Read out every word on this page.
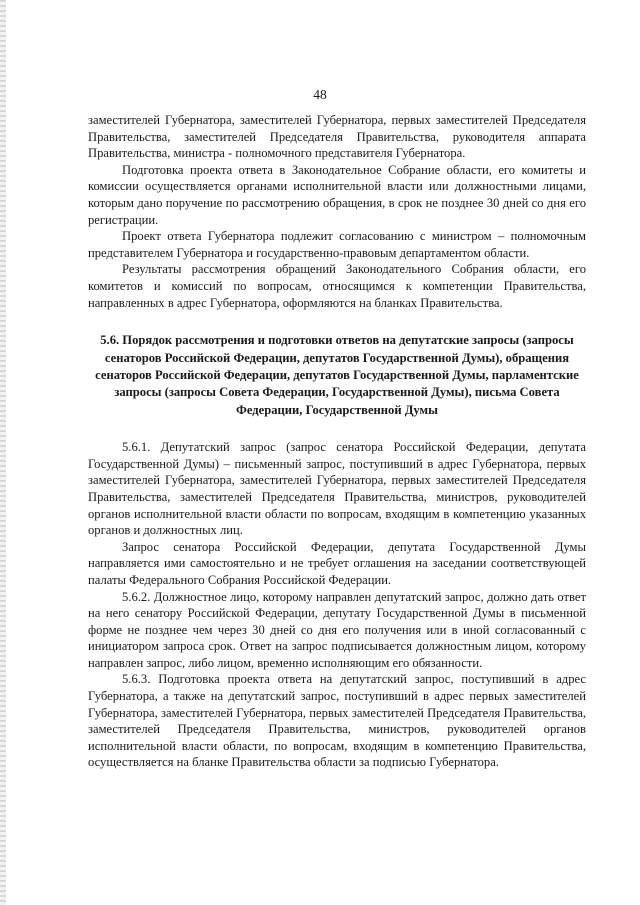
48

заместителей Губернатора, заместителей Губернатора, первых заместителей Председателя Правительства, заместителей Председателя Правительства, руководителя аппарата Правительства, министра - полномочного представителя Губернатора.

Подготовка проекта ответа в Законодательное Собрание области, его комитеты и комиссии осуществляется органами исполнительной власти или должностными лицами, которым дано поручение по рассмотрению обращения, в срок не позднее 30 дней со дня его регистрации.

Проект ответа Губернатора подлежит согласованию с министром – полномочным представителем Губернатора и государственно-правовым департаментом области.

Результаты рассмотрения обращений Законодательного Собрания области, его комитетов и комиссий по вопросам, относящимся к компетенции Правительства, направленных в адрес Губернатора, оформляются на бланках Правительства.

5.6. Порядок рассмотрения и подготовки ответов на депутатские запросы (запросы сенаторов Российской Федерации, депутатов Государственной Думы), обращения сенаторов Российской Федерации, депутатов Государственной Думы, парламентские запросы (запросы Совета Федерации, Государственной Думы), письма Совета Федерации, Государственной Думы

5.6.1. Депутатский запрос (запрос сенатора Российской Федерации, депутата Государственной Думы) – письменный запрос, поступивший в адрес Губернатора, первых заместителей Губернатора, заместителей Губернатора, первых заместителей Председателя Правительства, заместителей Председателя Правительства, министров, руководителей органов исполнительной власти области по вопросам, входящим в компетенцию указанных органов и должностных лиц.

Запрос сенатора Российской Федерации, депутата Государственной Думы направляется ими самостоятельно и не требует оглашения на заседании соответствующей палаты Федерального Собрания Российской Федерации.

5.6.2. Должностное лицо, которому направлен депутатский запрос, должно дать ответ на него сенатору Российской Федерации, депутату Государственной Думы в письменной форме не позднее чем через 30 дней со дня его получения или в иной согласованный с инициатором запроса срок. Ответ на запрос подписывается должностным лицом, которому направлен запрос, либо лицом, временно исполняющим его обязанности.

5.6.3. Подготовка проекта ответа на депутатский запрос, поступивший в адрес Губернатора, а также на депутатский запрос, поступивший в адрес первых заместителей Губернатора, заместителей Губернатора, первых заместителей Председателя Правительства, заместителей Председателя Правительства, министров, руководителей органов исполнительной власти области, по вопросам, входящим в компетенцию Правительства, осуществляется на бланке Правительства области за подписью Губернатора.
